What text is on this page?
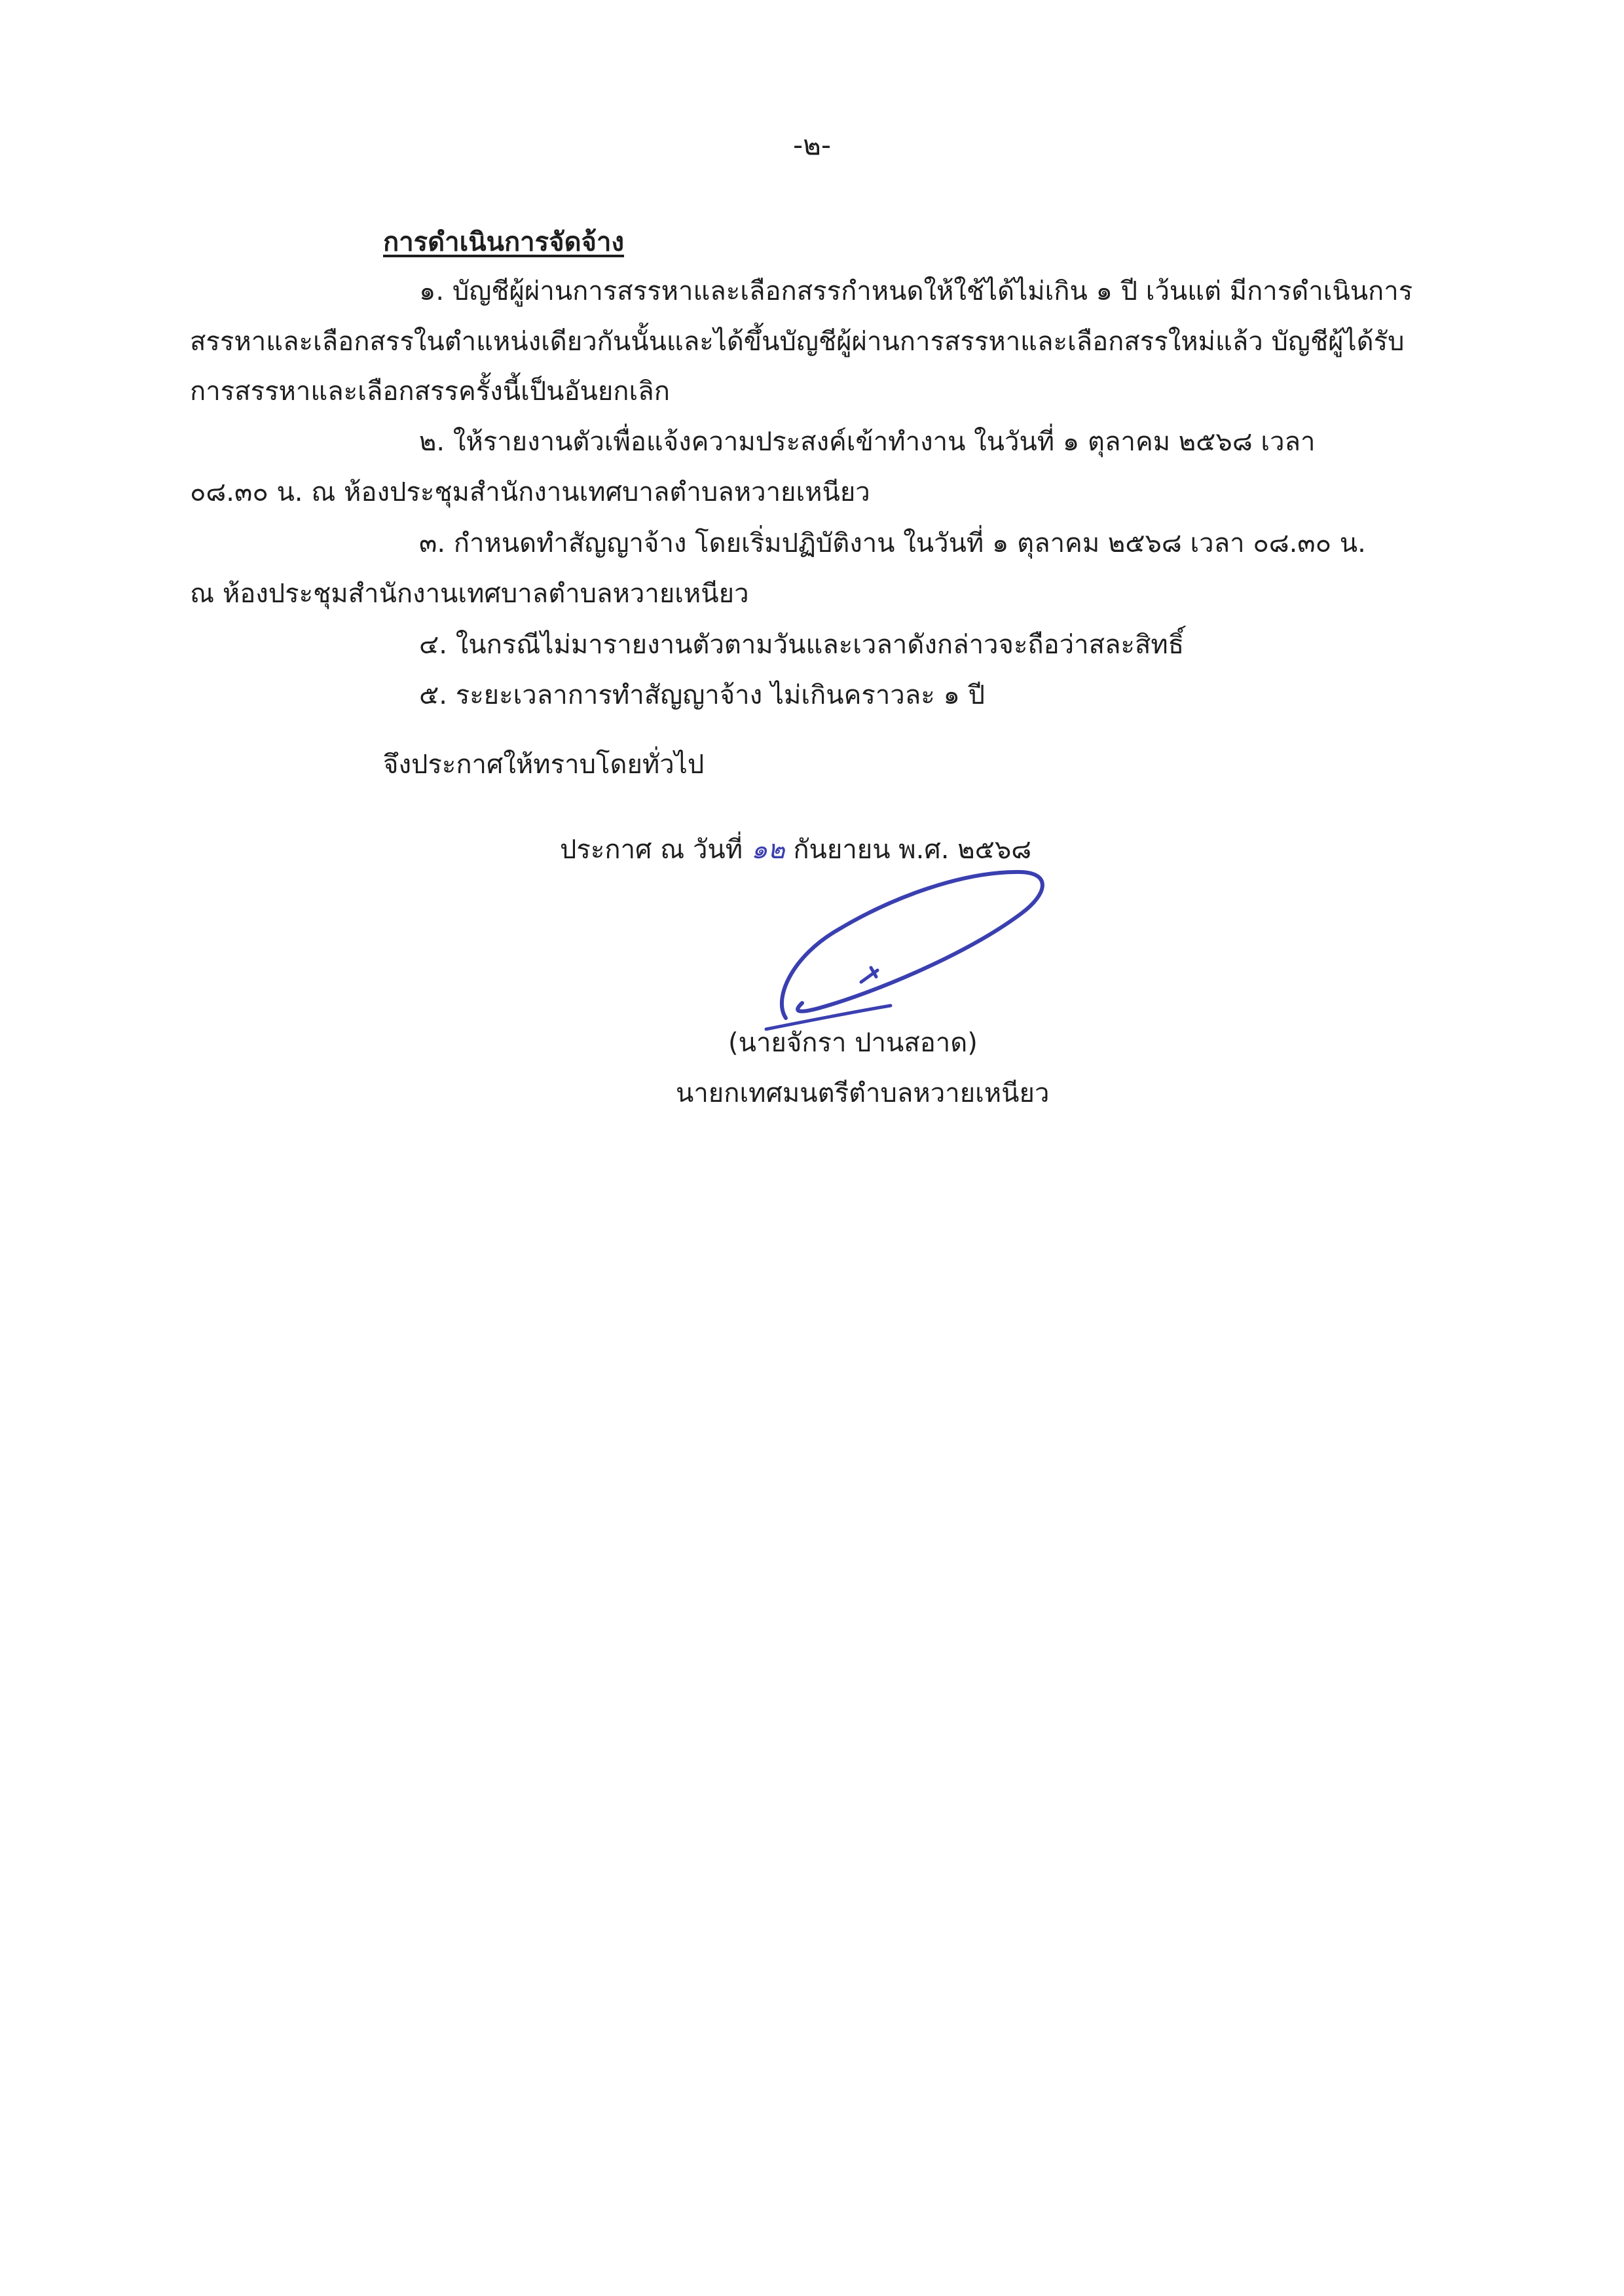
-๒-
การดำเนินการจัดจ้าง
๑. บัญชีผู้ผ่านการสรรหาและเลือกสรรกำหนดให้ใช้ได้ไม่เกิน ๑ ปี เว้นแต่ มีการดำเนินการ
สรรหาและเลือกสรรในตำแหน่งเดียวกันนั้นและได้ขึ้นบัญชีผู้ผ่านการสรรหาและเลือกสรรใหม่แล้ว บัญชีผู้ได้รับ
การสรรหาและเลือกสรรครั้งนี้เป็นอันยกเลิก
๒. ให้รายงานตัวเพื่อแจ้งความประสงค์เข้าทำงาน ในวันที่ ๑ ตุลาคม ๒๕๖๘ เวลา
๐๘.๓๐ น. ณ ห้องประชุมสำนักงานเทศบาลตำบลหวายเหนียว
๓. กำหนดทำสัญญาจ้าง โดยเริ่มปฏิบัติงาน ในวันที่ ๑ ตุลาคม ๒๕๖๘ เวลา ๐๘.๓๐ น.
ณ ห้องประชุมสำนักงานเทศบาลตำบลหวายเหนียว
๔. ในกรณีไม่มารายงานตัวตามวันและเวลาดังกล่าวจะถือว่าสละสิทธิ์
๕. ระยะเวลาการทำสัญญาจ้าง ไม่เกินคราวละ ๑ ปี
จึงประกาศให้ทราบโดยทั่วไป
ประกาศ ณ วันที่ ๑๒ กันยายน พ.ศ. ๒๕๖๘
(นายจักรา ปานสอาด)
นายกเทศมนตรีตำบลหวายเหนียว
